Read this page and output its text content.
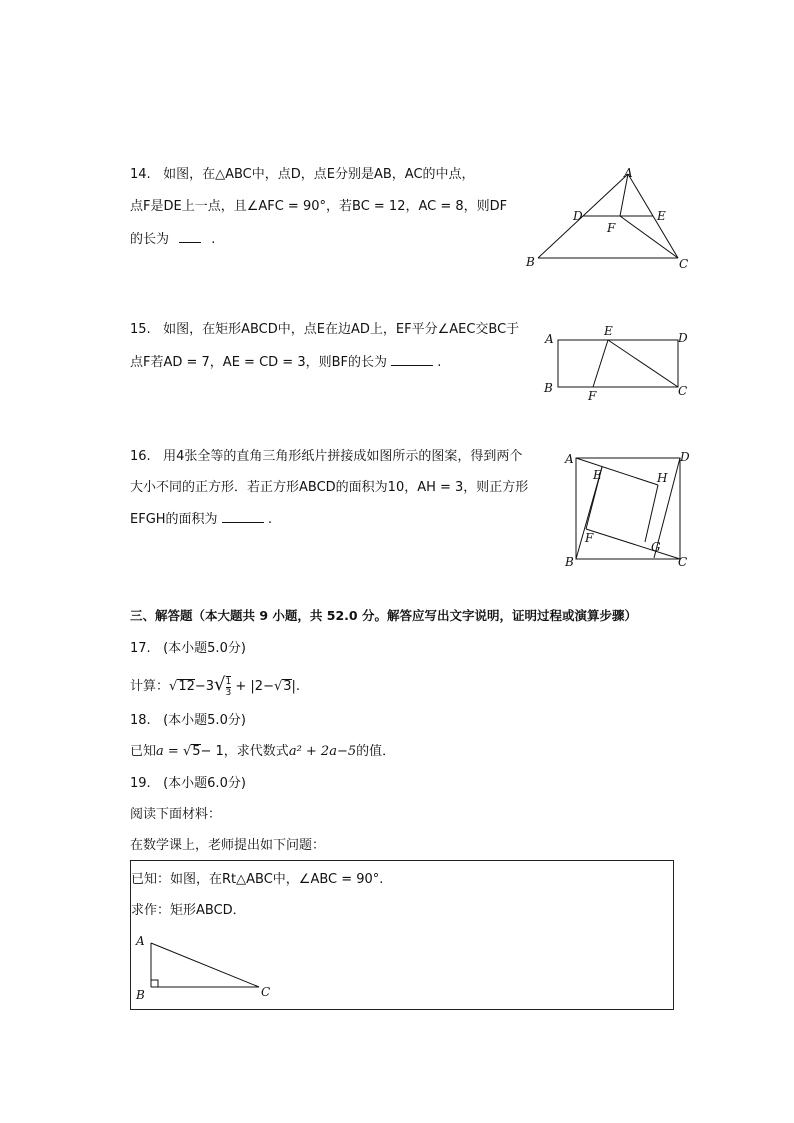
14. 如图，在△ABC中，点D，点E分别是AB，AC的中点，
点F是DE上一点，且∠AFC = 90°，若BC = 12，AC = 8，则DF
的长为	.
A
B	C
D	E
F
15. 如图，在矩形ABCD中，点E在边AD上，EF平分∠AEC交BC于
点F若AD = 7，AE = CD = 3，则BF的长为	.
A
B	C
D
E
F
16. 用4张全等的直角三角形纸片拼接成如图所示的图案，得到两个
大小不同的正方形．若正方形ABCD的面积为10，AH = 3，则正方形
EFGH的面积为	.
A
B	C
D
E
F
G
H
三、解答题（本大题共 9 小题，共 52.0 分。解答应写出文字说明，证明过程或演算步骤）
17. (本小题5.0分)
计算：$√12-3√ \frac{1}{3} + |2-√3|$.
18. (本小题5.0分)
已知a = √5− 1，求代数式a² + 2a−5的值．
19. (本小题6.0分)
阅读下面材料：
在数学课上，老师提出如下问题：
已知：如图，在Rt△ABC中，∠ABC = 90°.
求作：矩形ABCD．
A
B	C
